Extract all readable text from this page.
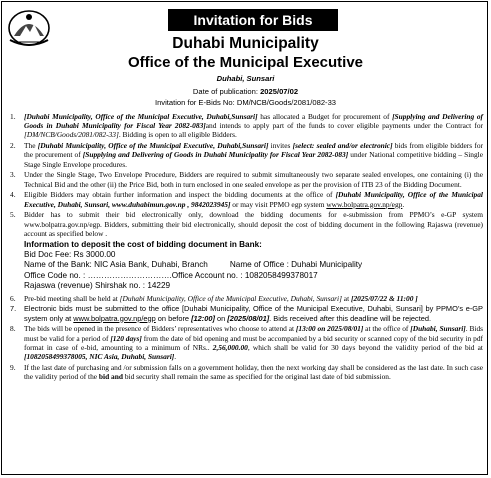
Invitation for Bids
Duhabi Municipality
Office of the Municipal Executive
Duhabi, Sunsari
Date of publication: 2025/07/02
Invitation for E-Bids No: DM/NCB/Goods/2081/082-33
1. [Duhabi Municipality, Office of the Municipal Executive, Duhabi,Sunsari] has allocated a Budget for procurement of [Supplying and Delivering of Goods in Duhabi Municipality for Fiscal Year 2082-083]and intends to apply part of the funds to cover eligible payments under the Contract for [DM/NCB/Goods/2081/082-33]. Bidding is open to all eligible Bidders.
2. The [Duhabi Municipality, Office of the Municipal Executive, Duhabi,Sunsari] invites [select: sealed and/or electronic] bids from eligible bidders for the procurement of [Supplying and Delivering of Goods in Duhabi Municipality for Fiscal Year 2082-083] under National competitive bidding – Single Stage Single Envelope procedures.
3. Under the Single Stage, Two Envelope Procedure, Bidders are required to submit simultaneously two separate sealed envelopes, one containing (i) the Technical Bid and the other (ii) the Price Bid, both in turn enclosed in one sealed envelope as per the provision of ITB 23 of the Bidding Document.
4. Eligible Bidders may obtain further information and inspect the bidding documents at the office of [Duhabi Municipality, Office of the Municipal Executive, Duhabi, Sunsari, www.duhabimun.gov.np , 9842023945] or may visit PPMO egp system www.bolpatra.gov.np/egp.
5. Bidder has to submit their bid electronically only, download the bidding documents for e-submission from PPMO’s e-GP system www.bolpatra.gov.np/egp. Bidders, submitting their bid electronically, should deposit the cost of bidding document in the following Rajaswa (revenue) account as specified below .
Information to deposit the cost of bidding document in Bank:
Bid Doc Fee: Rs 3000.00
Name of the Bank: NIC Asia Bank, Duhabi, Branch	Name of Office : Duhabi Municipality
Office Code no. : ………………………….Office Account no. : 1082058499378017
Rajaswa (revenue) Shirshak no. : 14229
6. Pre-bid meeting shall be held at [Duhabi Municipality, Office of the Municipal Executive, Duhabi, Sunsari] at [2025/07/22 & 11:00 ]
7. Electronic bids must be submitted to the office [Duhabi Municipality, Office of the Municipal Executive, Duhabi, Sunsari] by PPMO’s e-GP system only at www.bolpatra.gov.np/egp on before [12:00] on [2025/08/01]. Bids received after this deadline will be rejected.
8. The bids will be opened in the presence of Bidders’ representatives who choose to attend at [13:00 on 2025/08/01] at the office of [Duhabi, Sunsari]. Bids must be valid for a period of [120 days] from the date of bid opening and must be accompanied by a bid security or scanned copy of the bid security in pdf format in case of e-bid, amounting to a minimum of NRs.. 2,56,000.00, which shall be valid for 30 days beyond the validity period of the bid at [1082058499378005, NIC Asia, Duhabi, Sunsari].
9. If the last date of purchasing and /or submission falls on a government holiday, then the next working day shall be considered as the last date. In such case the validity period of the bid and bid security shall remain the same as specified for the original last date of bid submission.
